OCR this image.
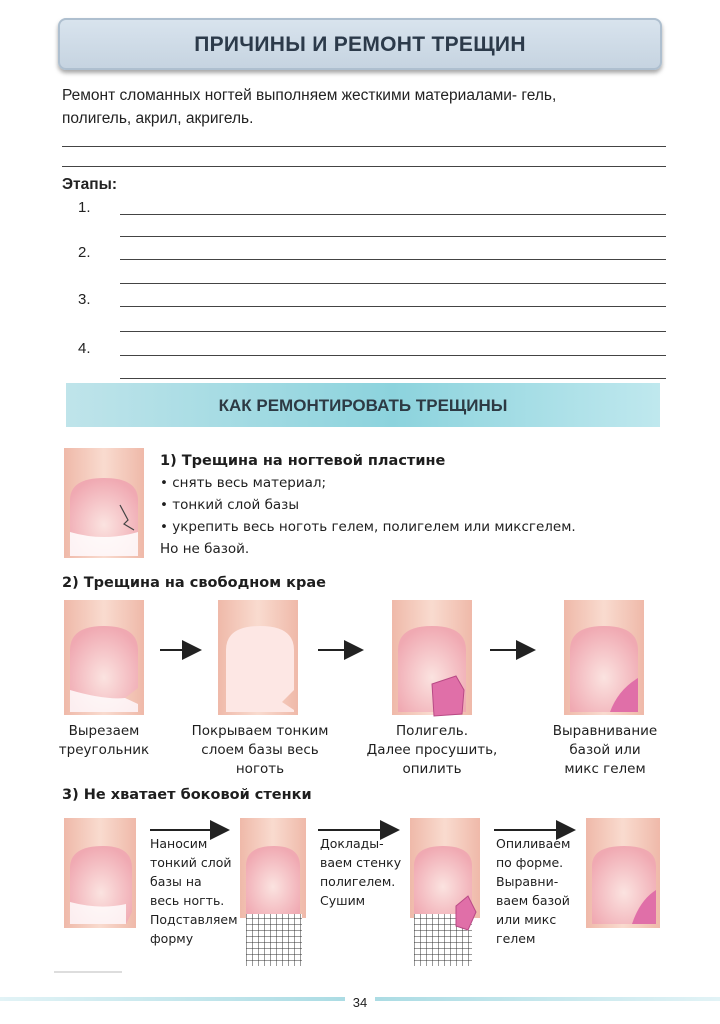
ПРИЧИНЫ И РЕМОНТ ТРЕЩИН
Ремонт сломанных ногтей выполняем жесткими материалами- гель,
полигель, акрил, акригель.
Этапы:
1.
2.
3.
4.
КАК РЕМОНТИРОВАТЬ ТРЕЩИНЫ
1) Трещина на ногтевой пластине
• снять весь материал;
• тонкий слой базы
• укрепить весь ноготь гелем, полигелем или миксгелем.
Но не базой.
2) Трещина на свободном крае
Вырезаем
треугольник
Покрываем тонким
слоем базы весь
ноготь
Полигель.
Далее просушить,
опилить
Выравнивание
базой или
микс гелем
3) Не хватает боковой стенки
Наносим
тонкий слой
базы на
весь ногть.
Подставляем
форму
Доклады-
ваем стенку
полигелем.
Сушим
Опиливаем
по форме.
Выравни-
ваем базой
или микс
гелем
34
